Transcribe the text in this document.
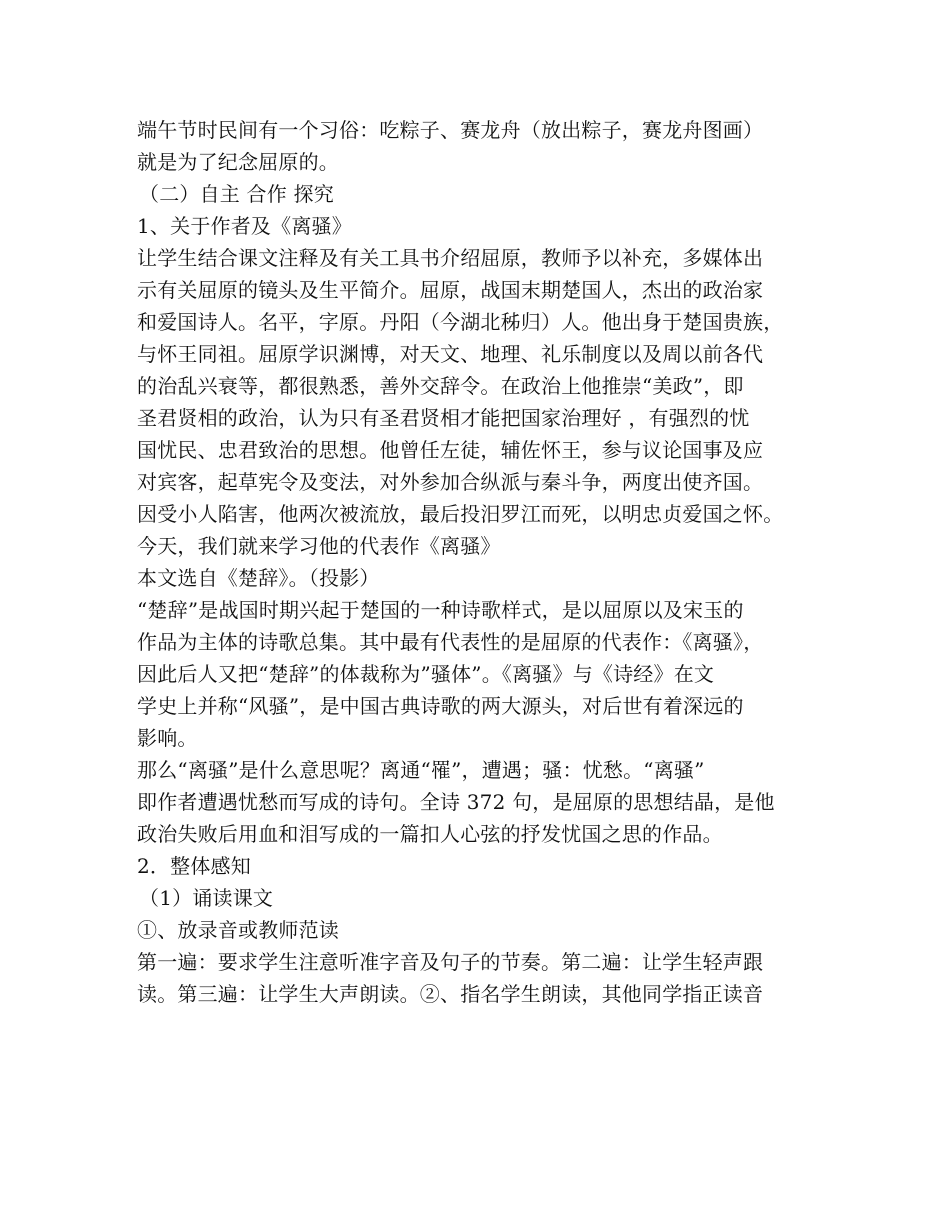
端午节时民间有一个习俗：吃粽子、赛龙舟（放出粽子，赛龙舟图画）
就是为了纪念屈原的。
（二）自主 合作 探究
1、关于作者及《离骚》
让学生结合课文注释及有关工具书介绍屈原，教师予以补充，多媒体出
示有关屈原的镜头及生平简介。屈原，战国末期楚国人，杰出的政治家
和爱国诗人。名平，字原。丹阳（今湖北秭归）人。他出身于楚国贵族，
与怀王同祖。屈原学识渊博，对天文、地理、礼乐制度以及周以前各代
的治乱兴衰等，都很熟悉，善外交辞令。在政治上他推崇“美政”，即
圣君贤相的政治，认为只有圣君贤相才能把国家治理好 ，有强烈的忧
国忧民、忠君致治的思想。他曾任左徒，辅佐怀王，参与议论国事及应
对宾客，起草宪令及变法，对外参加合纵派与秦斗争，两度出使齐国。
因受小人陷害，他两次被流放，最后投汨罗江而死，以明忠贞爱国之怀。
今天，我们就来学习他的代表作《离骚》
本文选自《楚辞》。（投影）
“楚辞”是战国时期兴起于楚国的一种诗歌样式，是以屈原以及宋玉的
作品为主体的诗歌总集。其中最有代表性的是屈原的代表作：《离骚》，
因此后人又把“楚辞”的体裁称为”骚体”。《离骚》与《诗经》在文
学史上并称“风骚”，是中国古典诗歌的两大源头，对后世有着深远的
影响。
那么“离骚”是什么意思呢？离通“罹”，遭遇；骚：忧愁。“离骚”
即作者遭遇忧愁而写成的诗句。全诗 372 句，是屈原的思想结晶，是他
政治失败后用血和泪写成的一篇扣人心弦的抒发忧国之思的作品。
2．整体感知
（1）诵读课文
①、放录音或教师范读
第一遍：要求学生注意听准字音及句子的节奏。第二遍：让学生轻声跟
读。第三遍：让学生大声朗读。②、指名学生朗读，其他同学指正读音
